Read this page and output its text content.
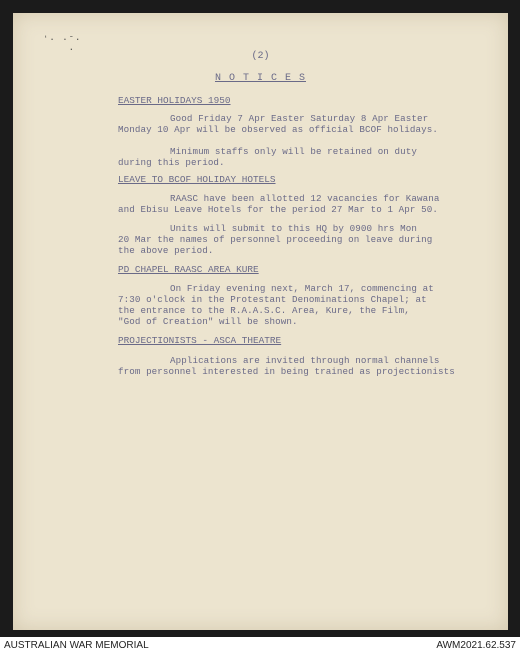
ʻ· ·ˉ·
·
(2)
N O T I C E S
EASTER HOLIDAYS 1950
Good Friday 7 Apr Easter Saturday 8 Apr Easter
Monday 10 Apr will be observed as official BCOF holidays.
Minimum staffs only will be retained on duty
during this period.
LEAVE TO BCOF HOLIDAY HOTELS
RAASC have been allotted 12 vacancies for Kawana
and Ebisu Leave Hotels for the period 27 Mar to 1 Apr 50.
Units will submit to this HQ by 0900 hrs Mon
20 Mar the names of personnel proceeding on leave during
the above period.
PD CHAPEL RAASC AREA KURE
On Friday evening next, March 17, commencing at
7:30 o'clock in the Protestant Denominations Chapel; at
the entrance to the R.A.A.S.C. Area, Kure, the Film,
"God of Creation" will be shown.
PROJECTIONISTS - ASCA THEATRE
Applications are invited through normal channels
from personnel interested in being trained as projectionists
AUSTRALIAN WAR MEMORIAL	AWM2021.62.537
